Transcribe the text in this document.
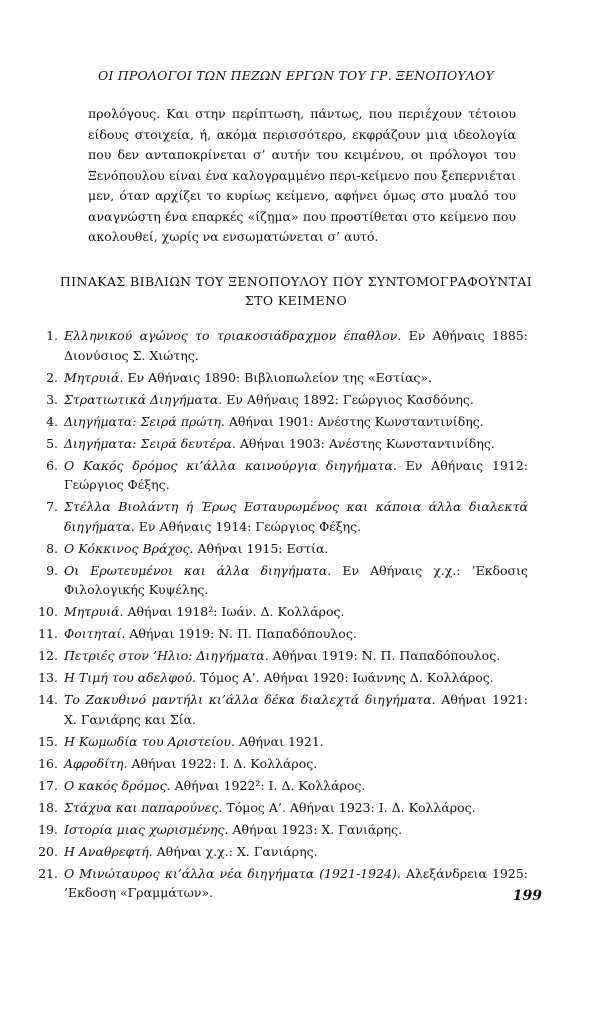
ΟΙ ΠΡΟΛΟΓΟΙ ΤΩΝ ΠΕΖΩΝ ΕΡΓΩΝ ΤΟΥ ΓΡ. ΞΕΝΟΠΟΥΛΟΥ

προλόγους. Και στην περίπτωση, πάντως, που περιέχουν τέτοιου είδους στοιχεία, ή, ακόμα περισσότερο, εκφράζουν μια ιδεολογία που δεν ανταποκρίνεται σ’ αυτήν του κειμένου, οι πρόλογοι του Ξενόπουλου είναι ένα καλογραμμένο περι-κείμενο που ξεπερνιέται μεν, όταν αρχίζει το κυρίως κείμενο, αφήνει όμως στο μυαλό του αναγνώστη ένα επαρκές «ίζημα» που προστίθεται στο κείμενο που ακολουθεί, χωρίς να ενσωματώνεται σ’ αυτό.

ΠΙΝΑΚΑΣ ΒΙΒΛΙΩΝ ΤΟΥ ΞΕΝΟΠΟΥΛΟΥ ΠΟΥ ΣΥΝΤΟΜΟΓΡΑΦΟΥΝΤΑΙ
ΣΤΟ ΚΕΙΜΕΝΟ
1. Ελληνικού αγώνος το τριακοσιάδραχμον έπαθλον. Εν Αθήναις 1885: Διονύσιος Σ. Χιώτης.
2. Μητρυιά. Εν Αθήναις 1890: Βιβλιοπωλείον της «Εστίας».
3. Στρατιωτικά Διηγήματα. Εν Αθήναις 1892: Γεώργιος Κασδόνης.
4. Διηγήματα: Σειρά πρώτη. Αθήναι 1901: Ανέστης Κωνσταντινίδης.
5. Διηγήματα: Σειρά δευτέρα. Αθήναι 1903: Ανέστης Κωνσταντινίδης.
6. Ο Κακός δρόμος κι’άλλα καινούργια διηγήματα. Εν Αθήναις 1912: Γεώργιος Φέξης.
7. Στέλλα Βιολάντη ή Έρως Εσταυρωμένος και κάποια άλλα διαλεκτά διηγήματα. Εν Αθήναις 1914: Γεώργιος Φέξης.
8. Ο Κόκκινος Βράχος. Αθήναι 1915: Εστία.
9. Οι Ερωτευμένοι και άλλα διηγήματα. Εν Αθήναις χ.χ.: ’Εκδοσις Φιλολογικής Κυψέλης.
10. Μητρυιά. Αθήναι 1918²: Ιωάν. Δ. Κολλάρος.
11. Φοιτηταί. Αθήναι 1919: Ν. Π. Παπαδόπουλος.
12. Πετριές στον ’Ηλιο: Διηγήματα. Αθήναι 1919: Ν. Π. Παπαδόπουλος.
13. Η Τιμή του αδελφού. Τόμος Α’. Αθήναι 1920: Ιωάννης Δ. Κολλάρος.
14. Το Ζακυθινό μαντήλι κι’άλλα δέκα διαλεχτά διηγήματα. Αθήναι 1921: Χ. Γανιάρης και Σία.
15. Η Κωμωδία του Αριστείου. Αθήναι 1921.
16. Αφροδίτη. Αθήναι 1922: Ι. Δ. Κολλάρος.
17. Ο κακός δρόμος. Αθήναι 1922²: Ι. Δ. Κολλάρος.
18. Στάχυα και παπαρούνες. Τόμος Α’. Αθήναι 1923: Ι. Δ. Κολλάρος.
19. Ιστορία μιας χωρισμένης. Αθήναι 1923: Χ. Γανιάρης.
20. Η Αναθρεφτή. Αθήναι χ.χ.: Χ. Γανιάρης.
21. Ο Μινώταυρος κι’άλλα νέα διηγήματα (1921-1924). Αλεξάνδρεια 1925: ’Εκδοση «Γραμμάτων».	199
